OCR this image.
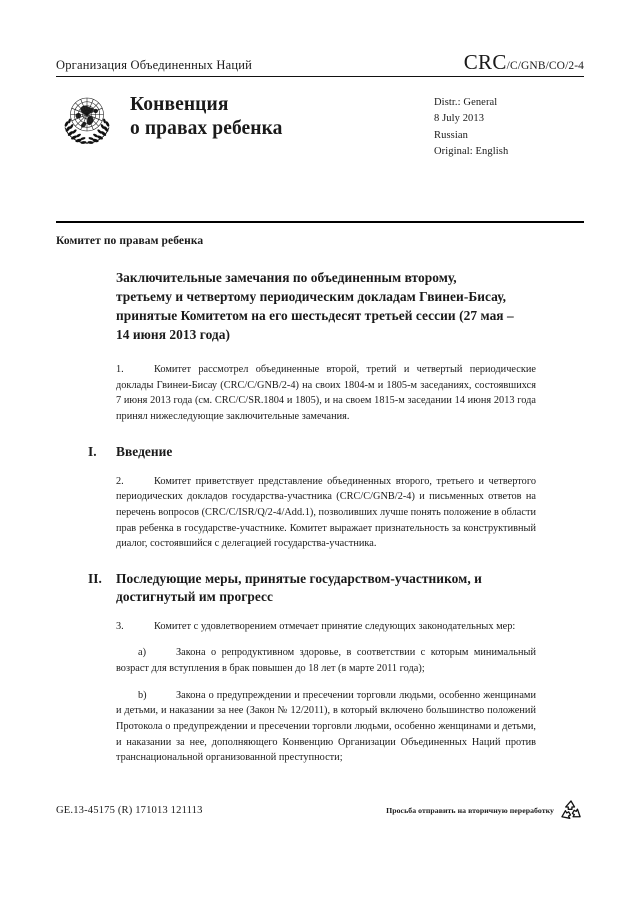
Организация Объединенных Наций	CRC/C/GNB/CO/2-4
Конвенция
о правах ребенка
Distr.: General
8 July 2013
Russian
Original: English
Комитет по правам ребенка
Заключительные замечания по объединенным второму, третьему и четвертому периодическим докладам Гвинеи-Бисау, принятые Комитетом на его шестьдесят третьей сессии (27 мая – 14 июня 2013 года)

1.	Комитет рассмотрел объединенные второй, третий и четвертый периодические доклады Гвинеи-Бисау (CRC/C/GNB/2-4) на своих 1804-м и 1805-м заседаниях, состоявшихся 7 июня 2013 года (см. CRC/C/SR.1804 и 1805), и на своем 1815-м заседании 14 июня 2013 года принял нижеследующие заключительные замечания.

I.	Введение

2.	Комитет приветствует представление объединенных второго, третьего и четвертого периодических докладов государства-участника (CRC/C/GNB/2-4) и письменных ответов на перечень вопросов (CRC/C/ISR/Q/2-4/Add.1), позволивших лучше понять положение в области прав ребенка в государстве-участнике. Комитет выражает признательность за конструктивный диалог, состоявшийся с делегацией государства-участника.

II.	Последующие меры, принятые государством-участником, и достигнутый им прогресс

3.	Комитет с удовлетворением отмечает принятие следующих законодательных мер:

a)	Закона о репродуктивном здоровье, в соответствии с которым минимальный возраст для вступления в брак повышен до 18 лет (в марте 2011 года);

b)	Закона о предупреждении и пресечении торговли людьми, особенно женщинами и детьми, и наказании за нее (Закон № 12/2011), в который включено большинство положений Протокола о предупреждении и пресечении торговли людьми, особенно женщинами и детьми, и наказании за нее, дополняющего Конвенцию Организации Объединенных Наций против транснациональной организованной преступности;

GE.13-45175 (R) 171013 121113	Просьба отправить на вторичную переработку
